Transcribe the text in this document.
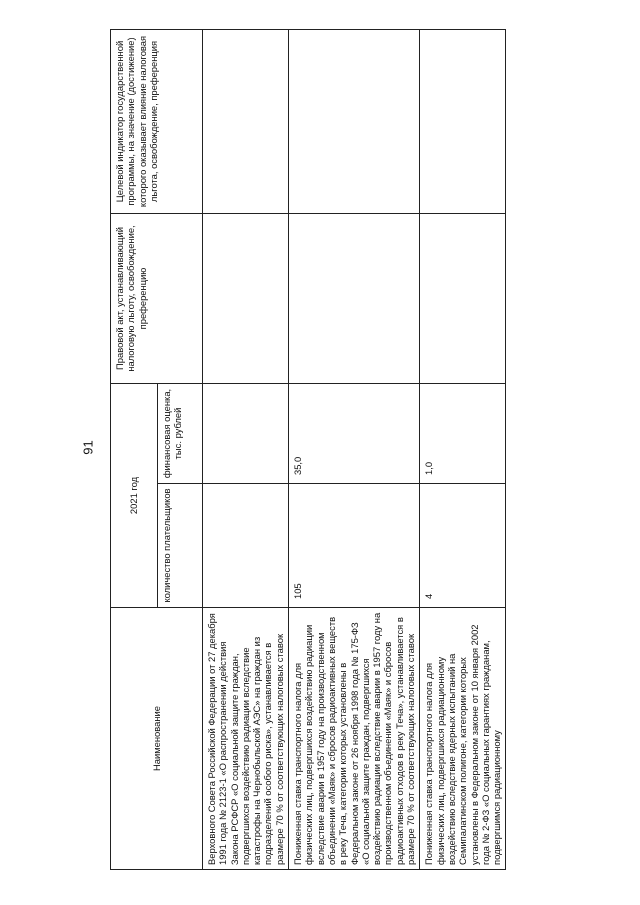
91
Наименование	2021 год		Правовой акт, устанавливающий налоговую льготу, освобождение, преференцию	Целевой индикатор государственной программы, на значение (достижение) которого оказывает влияние налоговая льгота, освобождение, преференция
	количество плательщиков	финансовая оценка, тыс. рублей		
Верховного Совета Российской Федерации от 27 декабря 1991 года № 2123-1 «О распространении действия Закона РСФСР «О социальной защите граждан, подвергшихся воздействию радиации вследствие катастрофы на Чернобыльской АЭС» на граждан из подразделений особого риска», устанавливается в размере 70 % от соответствующих налоговых ставок				
Пониженная ставка транспортного налога для физических лиц, подвергшихся воздействию радиации вследствие аварии в 1957 году на производственном объединении «Маяк» и сбросов радиоактивных веществ в реку Теча, категории которых установлены в Федеральном законе от 26 ноября 1998 года № 175-ФЗ «О социальной защите граждан, подвергшихся воздействию радиации вследствие аварии в 1957 году на производственном объединении «Маяк» и сбросов радиоактивных отходов в реку Теча», устанавливается в размере 70 % от соответствующих налоговых ставок	105	35,0		
Пониженная ставка транспортного налога для физических лиц, подвергшихся радиационному воздействию вследствие ядерных испытаний на Семипалатинском полигоне, категории которых установлены в Федеральном законе от 10 января 2002 года № 2-ФЗ «О социальных гарантиях гражданам, подвергшимся радиационному	4	1,0		
